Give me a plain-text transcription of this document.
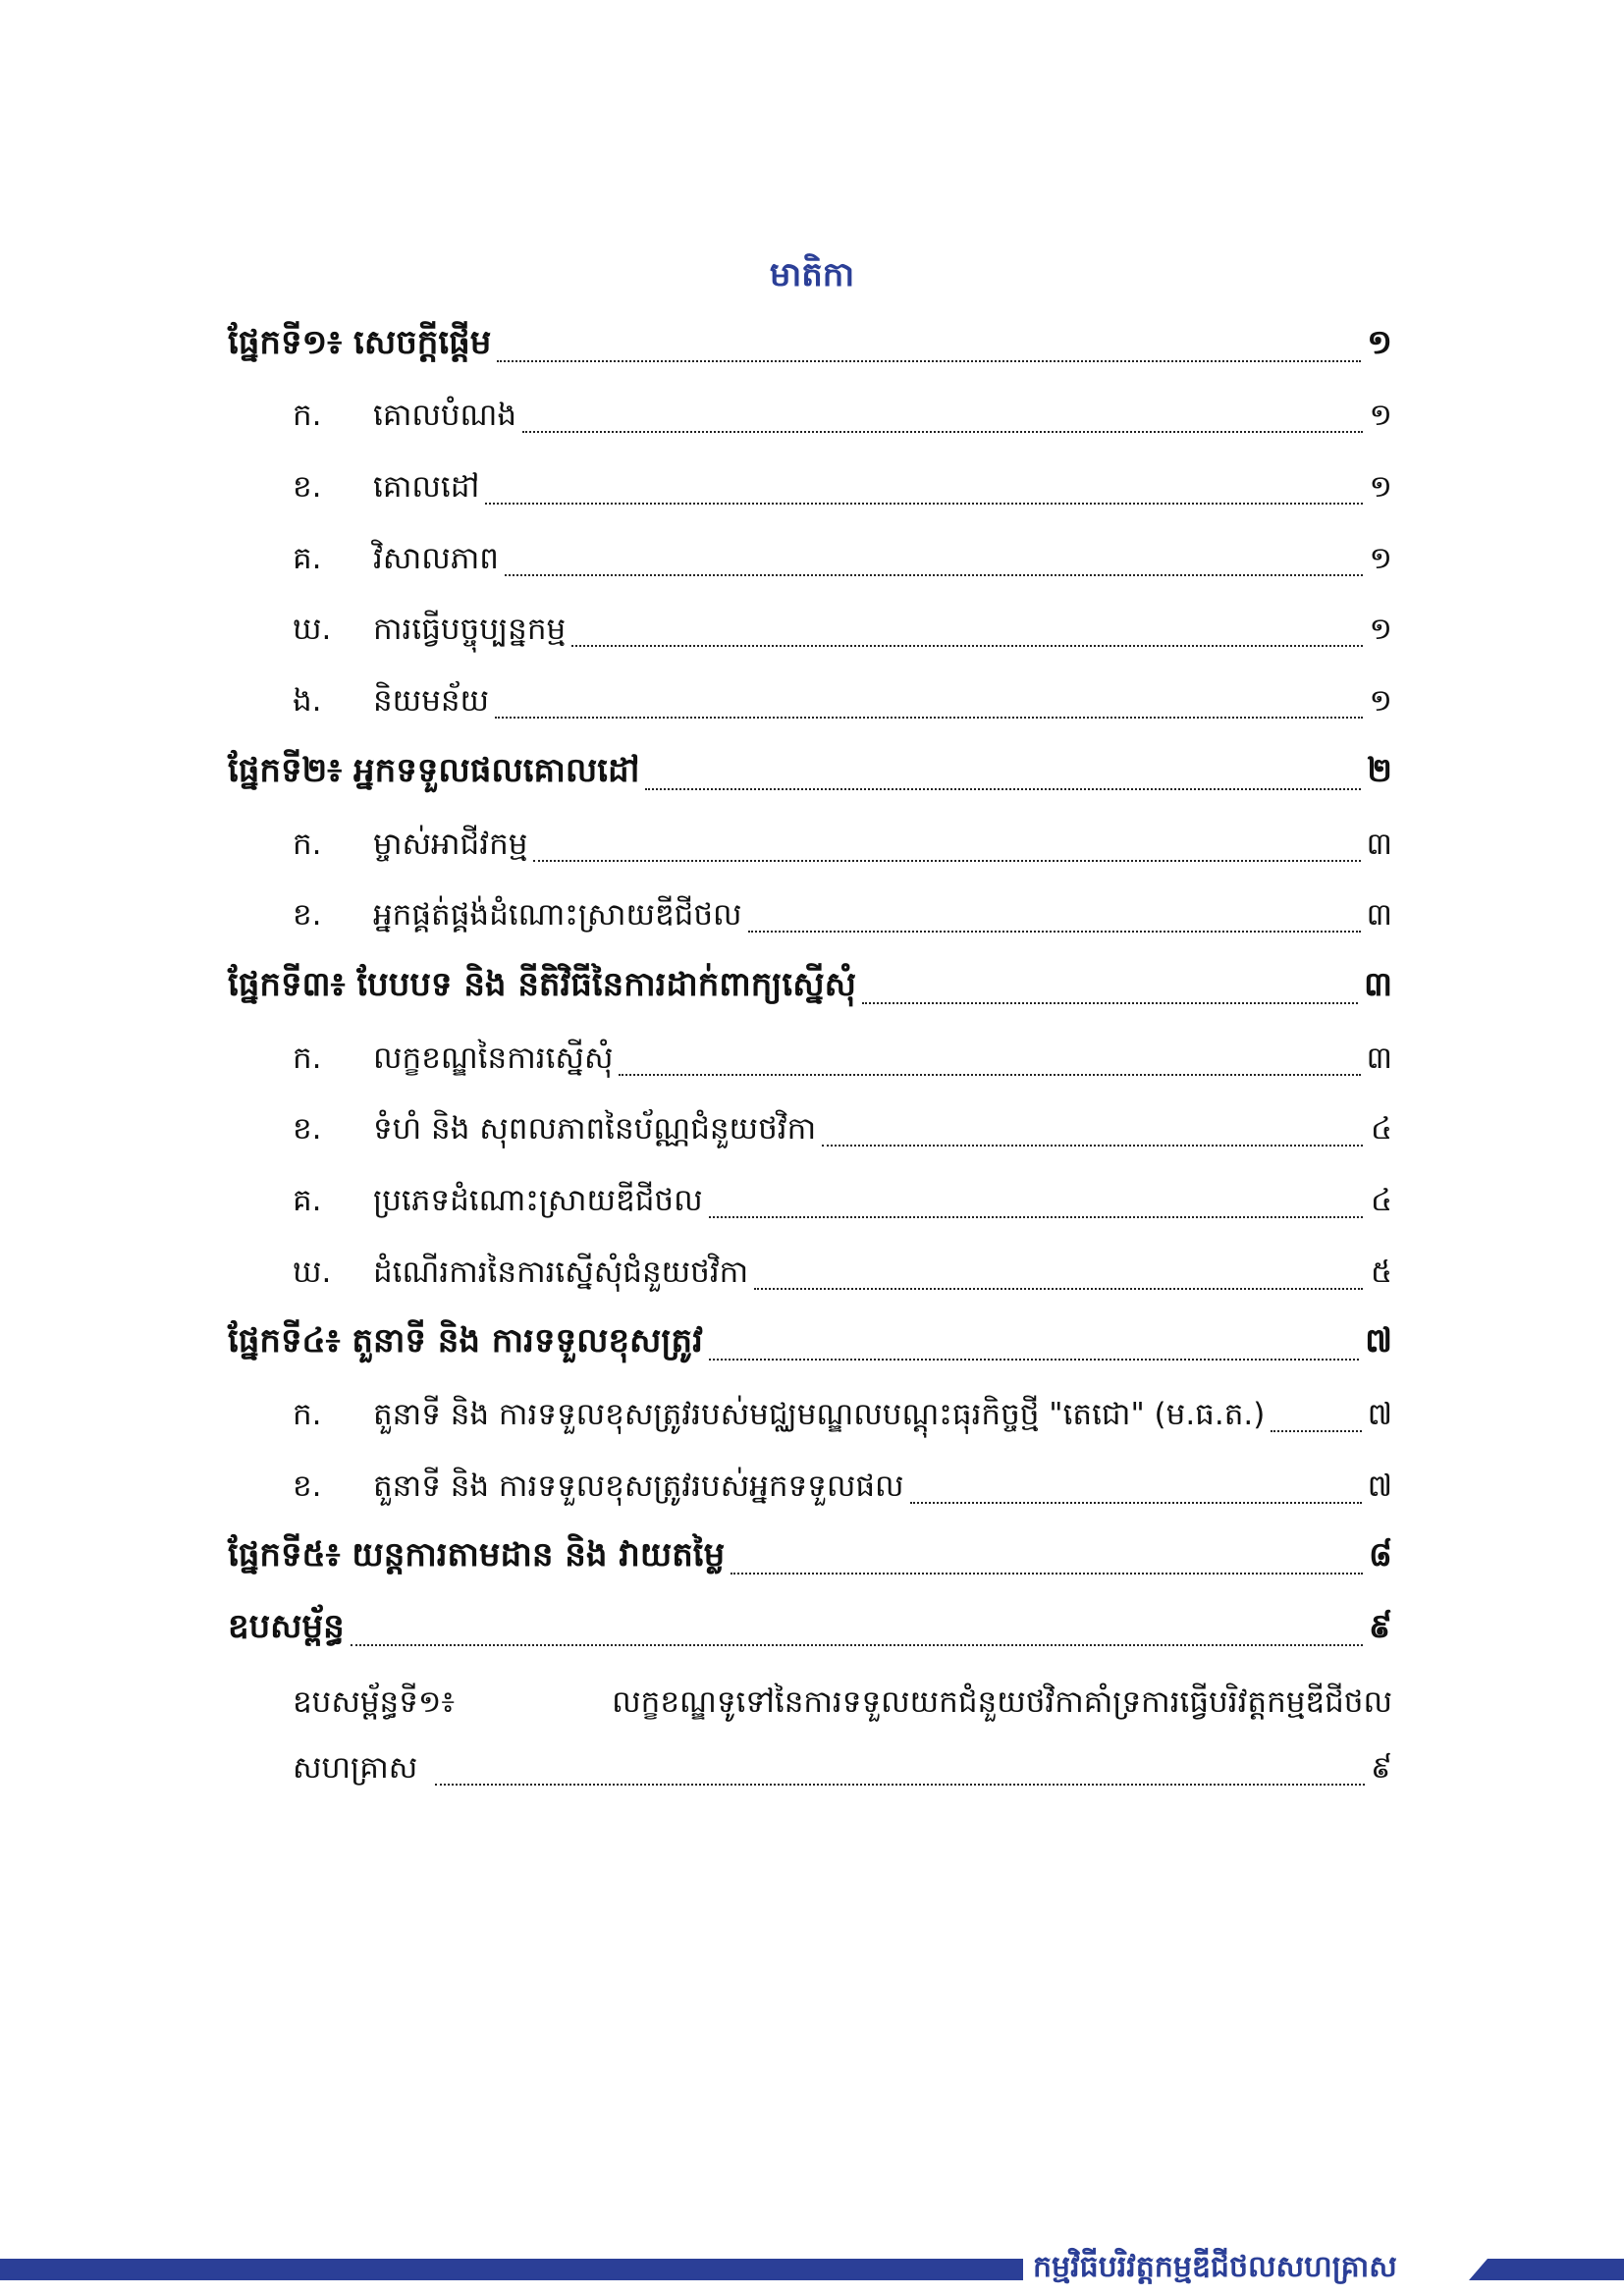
មាតិកា
ផ្នែកទី១៖ សេចក្តីផ្តើម	១
ក.	គោលបំណង	១
ខ.	គោលដៅ	១
គ.	វិសាលភាព	១
ឃ.	ការធ្វើបច្ចុប្បន្នកម្ម	១
ង.	និយមន័យ	១
ផ្នែកទី២៖ អ្នកទទួលផលគោលដៅ	២
ក.	ម្ចាស់អាជីវកម្ម	៣
ខ.	អ្នកផ្គត់ផ្គង់ដំណោះស្រាយឌីជីថល	៣
ផ្នែកទី៣៖ បែបបទ និង នីតិវិធីនៃការដាក់ពាក្យស្នើសុំ	៣
ក.	លក្ខខណ្ឌនៃការស្នើសុំ	៣
ខ.	ទំហំ និង សុពលភាពនៃប័ណ្ណជំនួយថវិកា	៤
គ.	ប្រភេទដំណោះស្រាយឌីជីថល	៤
ឃ.	ដំណើរការនៃការស្នើសុំជំនួយថវិកា	៥
ផ្នែកទី៤៖ តួនាទី និង ការទទួលខុសត្រូវ	៧
ក.	តួនាទី និង ការទទួលខុសត្រូវរបស់មជ្ឈមណ្ឌលបណ្តុះធុរកិច្ចថ្មី "តេជោ" (ម.ធ.ត.)	៧
ខ.	តួនាទី និង ការទទួលខុសត្រូវរបស់អ្នកទទួលផល	៧
ផ្នែកទី៥៖ យន្តការតាមដាន និង វាយតម្លៃ	៨
ឧបសម្ព័ន្ធ	៩
ឧបសម្ព័ន្ធទី១៖	លក្ខខណ្ឌទូទៅនៃការទទួលយកជំនួយថវិកាគាំទ្រការធ្វើបរិវត្តកម្មឌីជីថល
សហគ្រាស	៩
កម្មវិធីបរិវត្តកម្មឌីជីថលសហគ្រាស
